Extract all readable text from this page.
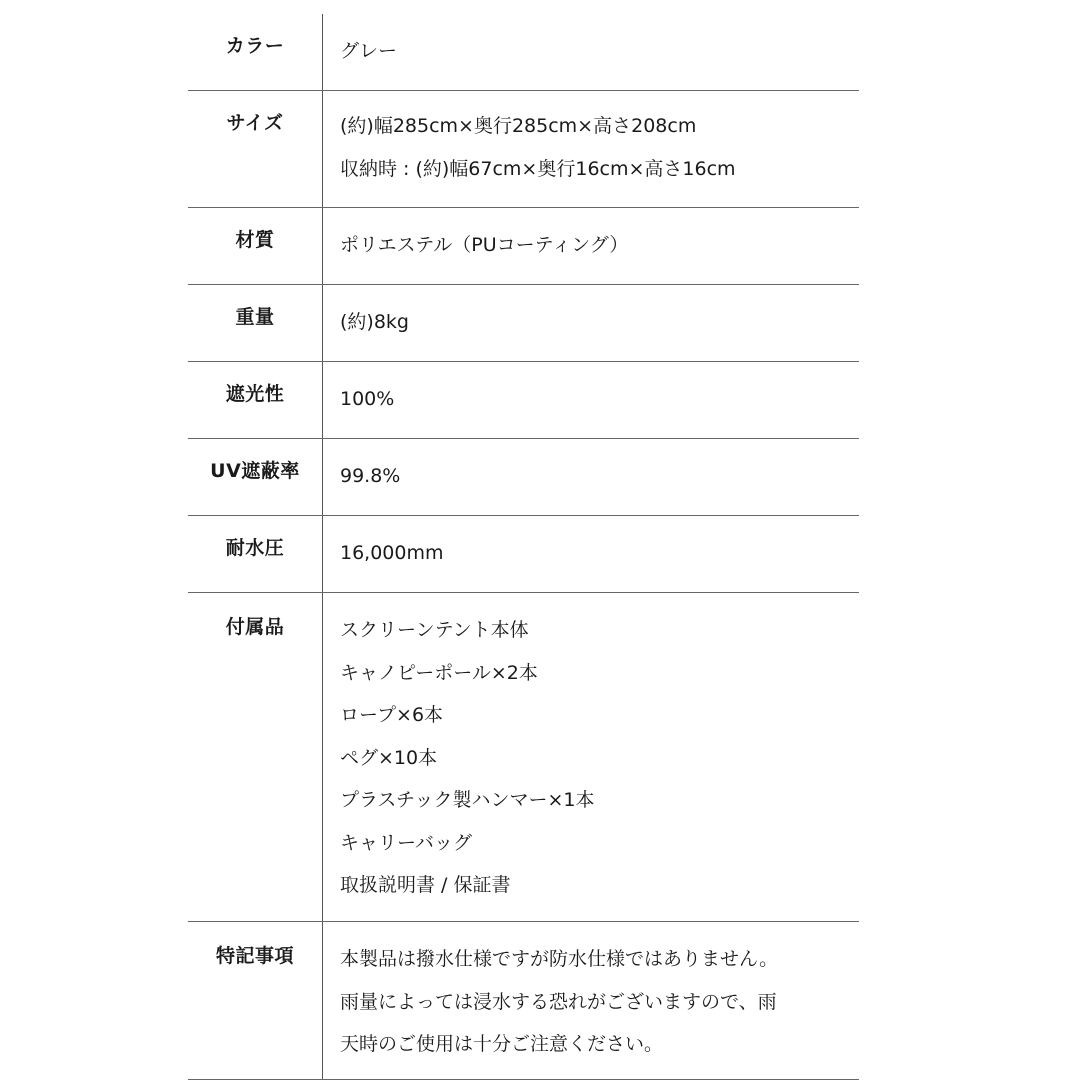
カラー	グレー
サイズ	(約)幅285cm×奥行285cm×高さ208cm
収納時 : (約)幅67cm×奥行16cm×高さ16cm
材質	ポリエステル（PUコーティング）
重量	(約)8kg
遮光性	100%
UV遮蔽率	99.8%
耐水圧	16,000mm
付属品	スクリーンテント本体
キャノピーポール×2本
ロープ×6本
ペグ×10本
プラスチック製ハンマー×1本
キャリーバッグ
取扱説明書 / 保証書
特記事項	本製品は撥水仕様ですが防水仕様ではありません。
雨量によっては浸水する恐れがございますので、雨
天時のご使用は十分ご注意ください。
